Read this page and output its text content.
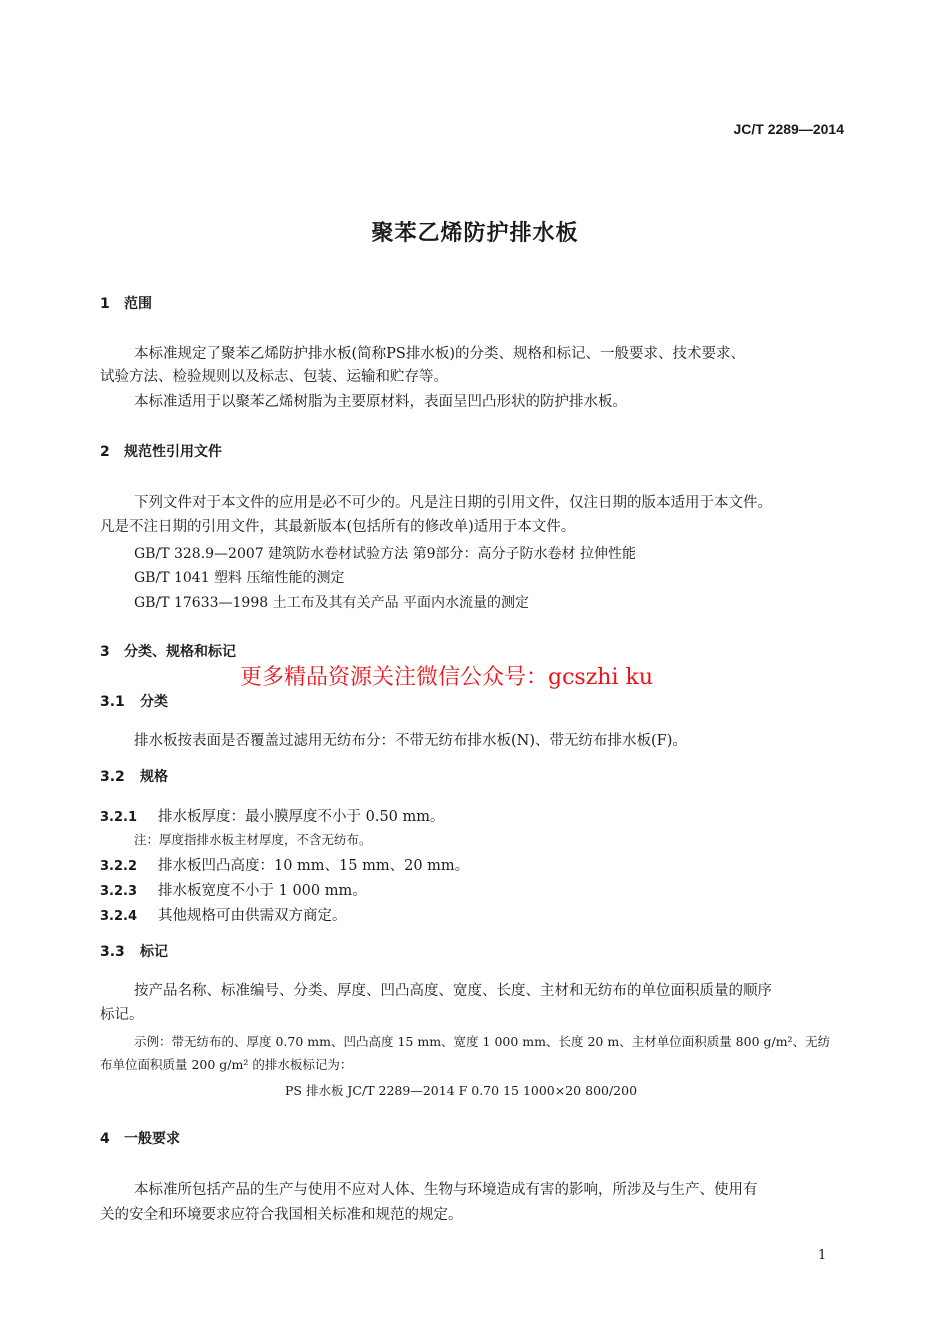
JC/T 2289—2014
聚苯乙烯防护排水板
1 范围
本标准规定了聚苯乙烯防护排水板(简称PS排水板)的分类、规格和标记、一般要求、技术要求、
试验方法、检验规则以及标志、包装、运输和贮存等。
本标准适用于以聚苯乙烯树脂为主要原材料，表面呈凹凸形状的防护排水板。
2 规范性引用文件
下列文件对于本文件的应用是必不可少的。凡是注日期的引用文件，仅注日期的版本适用于本文件。
凡是不注日期的引用文件，其最新版本(包括所有的修改单)适用于本文件。
GB/T 328.9—2007 建筑防水卷材试验方法 第9部分：高分子防水卷材 拉伸性能
GB/T 1041 塑料 压缩性能的测定
GB/T 17633—1998 土工布及其有关产品 平面内水流量的测定
3 分类、规格和标记
更多精品资源关注微信公众号：gcszhi ku
3.1 分类
排水板按表面是否覆盖过滤用无纺布分：不带无纺布排水板(N)、带无纺布排水板(F)。
3.2 规格
3.2.1 排水板厚度：最小膜厚度不小于 0.50 mm。
注：厚度指排水板主材厚度，不含无纺布。
3.2.2 排水板凹凸高度：10 mm、15 mm、20 mm。
3.2.3 排水板宽度不小于 1 000 mm。
3.2.4 其他规格可由供需双方商定。
3.3 标记
按产品名称、标准编号、分类、厚度、凹凸高度、宽度、长度、主材和无纺布的单位面积质量的顺序
标记。
示例：带无纺布的、厚度 0.70 mm、凹凸高度 15 mm、宽度 1 000 mm、长度 20 m、主材单位面积质量 800 g/m²、无纺
布单位面积质量 200 g/m² 的排水板标记为：
PS 排水板 JC/T 2289—2014 F 0.70 15 1000×20 800/200
4 一般要求
本标准所包括产品的生产与使用不应对人体、生物与环境造成有害的影响，所涉及与生产、使用有
关的安全和环境要求应符合我国相关标准和规范的规定。
1
